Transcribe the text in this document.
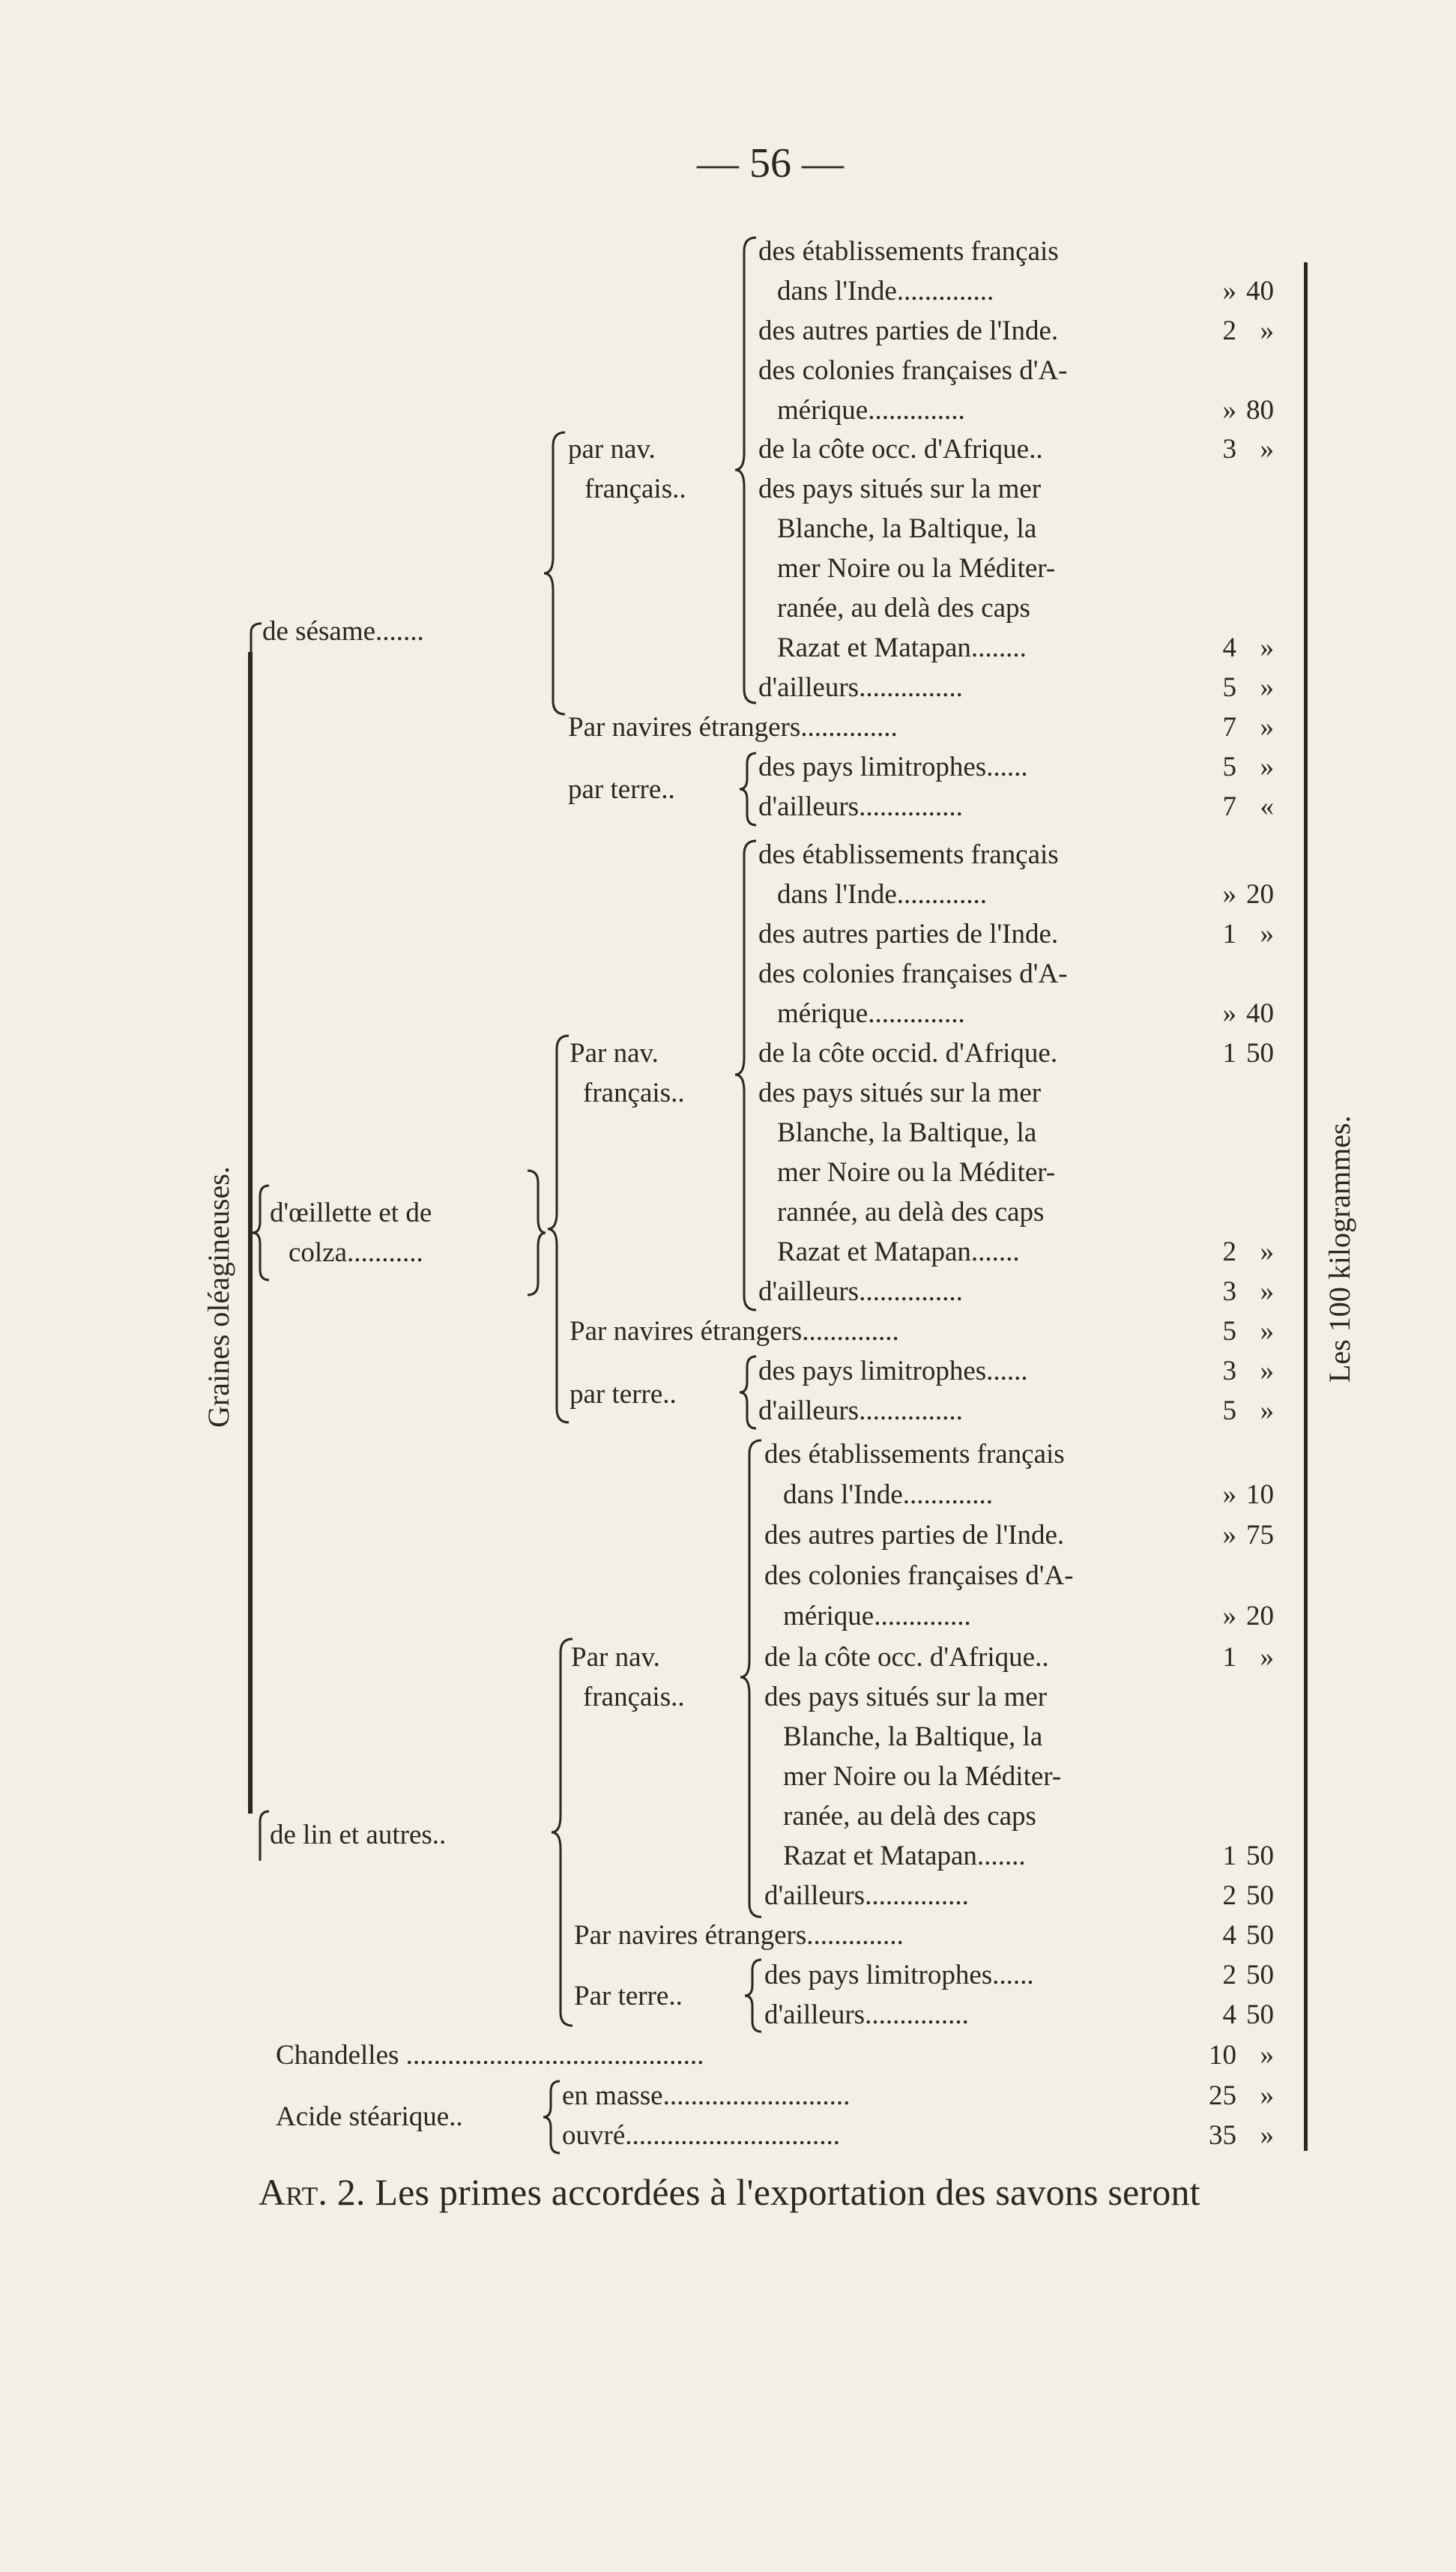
— 56 —
Graines oléagineuses.	Les 100 kilogrammes.
de sésame.......
par nav.
français..
des établissements français
dans l'Inde..............	» 40
des autres parties de l'Inde.	2 »
des colonies françaises d'A-
mérique..............	» 80
de la côte occ. d'Afrique..	3 »
des pays situés sur la mer
Blanche, la Baltique, la
mer Noire ou la Méditer-
ranée, au delà des caps
Razat et Matapan........	4 »
d'ailleurs...............	5 »
Par navires étrangers..............	7 »
par terre..
des pays limitrophes......	5 »
d'ailleurs...............	7 «
d'œillette et de
colza...........
Par nav.
français..
des établissements français
dans l'Inde.............	» 20
des autres parties de l'Inde.	1 »
des colonies françaises d'A-
mérique..............	» 40
de la côte occid. d'Afrique.	1 50
des pays situés sur la mer
Blanche, la Baltique, la
mer Noire ou la Méditer-
rannée, au delà des caps
Razat et Matapan.......	2 »
d'ailleurs...............	3 »
Par navires étrangers..............	5 »
par terre..
des pays limitrophes......	3 »
d'ailleurs...............	5 »
de lin et autres..
Par nav.
français..
des établissements français
dans l'Inde.............	» 10
des autres parties de l'Inde.	» 75
des colonies françaises d'A-
mérique..............	» 20
de la côte occ. d'Afrique..	1 »
des pays situés sur la mer
Blanche, la Baltique, la
mer Noire ou la Méditer-
ranée, au delà des caps
Razat et Matapan.......	1 50
d'ailleurs...............	2 50
Par navires étrangers..............	4 50
Par terre..
des pays limitrophes......	2 50
d'ailleurs...............	4 50
Chandelles ...........................................	10 »
Acide stéarique..
en masse...........................	25 »
ouvré...............................	35 »
Art. 2. Les primes accordées à l'exportation des savons seront
